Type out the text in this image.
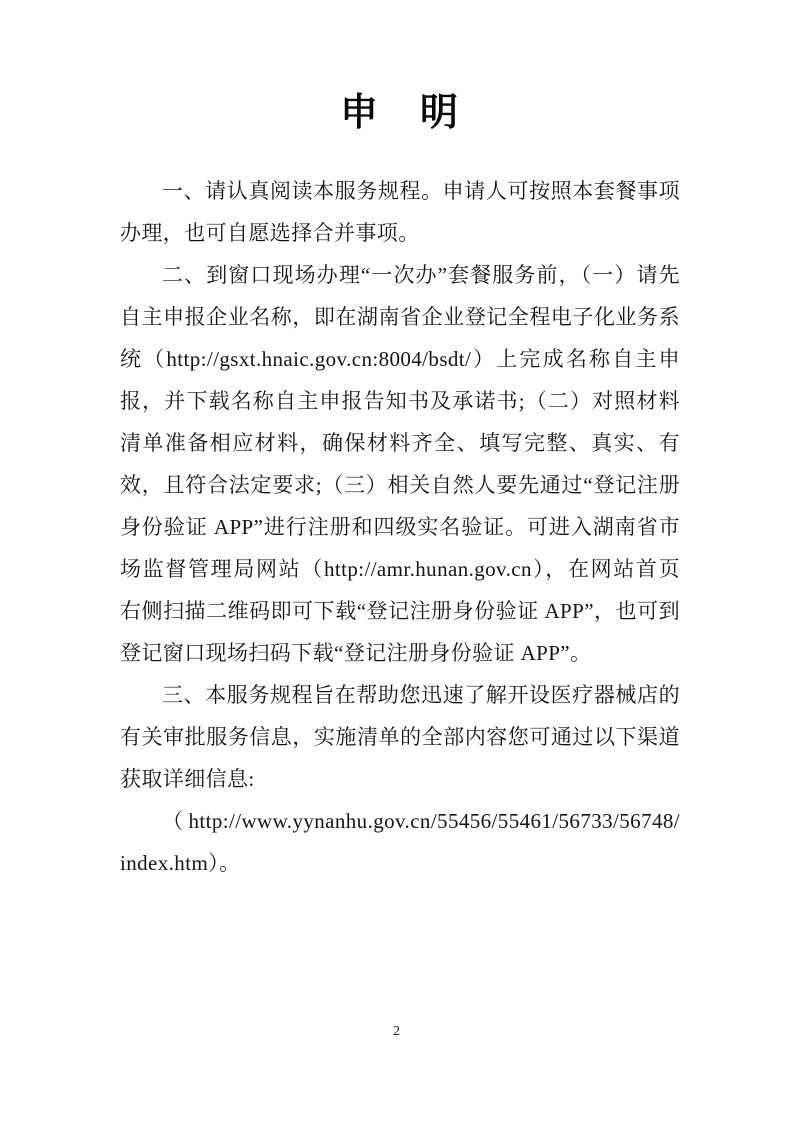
申　明

一、请认真阅读本服务规程。申请人可按照本套餐事项办理，也可自愿选择合并事项。

二、到窗口现场办理“一次办”套餐服务前，（一）请先自主申报企业名称，即在湖南省企业登记全程电子化业务系统（http://gsxt.hnaic.gov.cn:8004/bsdt/）上完成名称自主申报，并下载名称自主申报告知书及承诺书;（二）对照材料清单准备相应材料，确保材料齐全、填写完整、真实、有效，且符合法定要求;（三）相关自然人要先通过“登记注册身份验证 APP”进行注册和四级实名验证。可进入湖南省市场监督管理局网站（http://amr.hunan.gov.cn），在网站首页右侧扫描二维码即可下载“登记注册身份验证 APP”，也可到登记窗口现场扫码下载“登记注册身份验证 APP”。

三、本服务规程旨在帮助您迅速了解开设医疗器械店的有关审批服务信息，实施清单的全部内容您可通过以下渠道获取详细信息:

（http://www.yynanhu.gov.cn/55456/55461/56733/56748/index.htm）。

2
